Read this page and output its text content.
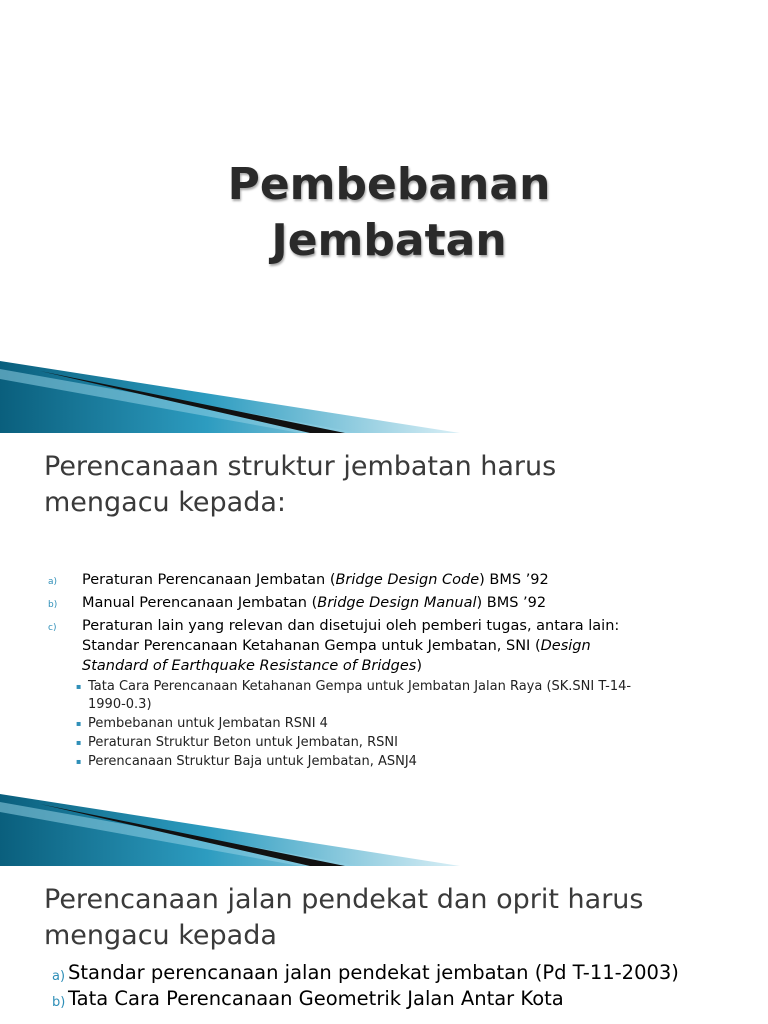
Pembebanan
Jembatan
Perencanaan struktur jembatan harus mengacu kepada:
a) Peraturan Perencanaan Jembatan (Bridge Design Code) BMS ’92
b) Manual Perencanaan Jembatan (Bridge Design Manual) BMS ’92
c) Peraturan lain yang relevan dan disetujui oleh pemberi tugas, antara lain: Standar Perencanaan Ketahanan Gempa untuk Jembatan, SNI (Design Standard of Earthquake Resistance of Bridges)
▪ Tata Cara Perencanaan Ketahanan Gempa untuk Jembatan Jalan Raya (SK.SNI T-14-1990-0.3)
▪ Pembebanan untuk Jembatan RSNI 4
▪ Peraturan Struktur Beton untuk Jembatan, RSNI
▪ Perencanaan Struktur Baja untuk Jembatan, ASNJ4
Perencanaan jalan pendekat dan oprit harus mengacu kepada
a) Standar perencanaan jalan pendekat jembatan (Pd T-11-2003)
b) Tata Cara Perencanaan Geometrik Jalan Antar Kota
